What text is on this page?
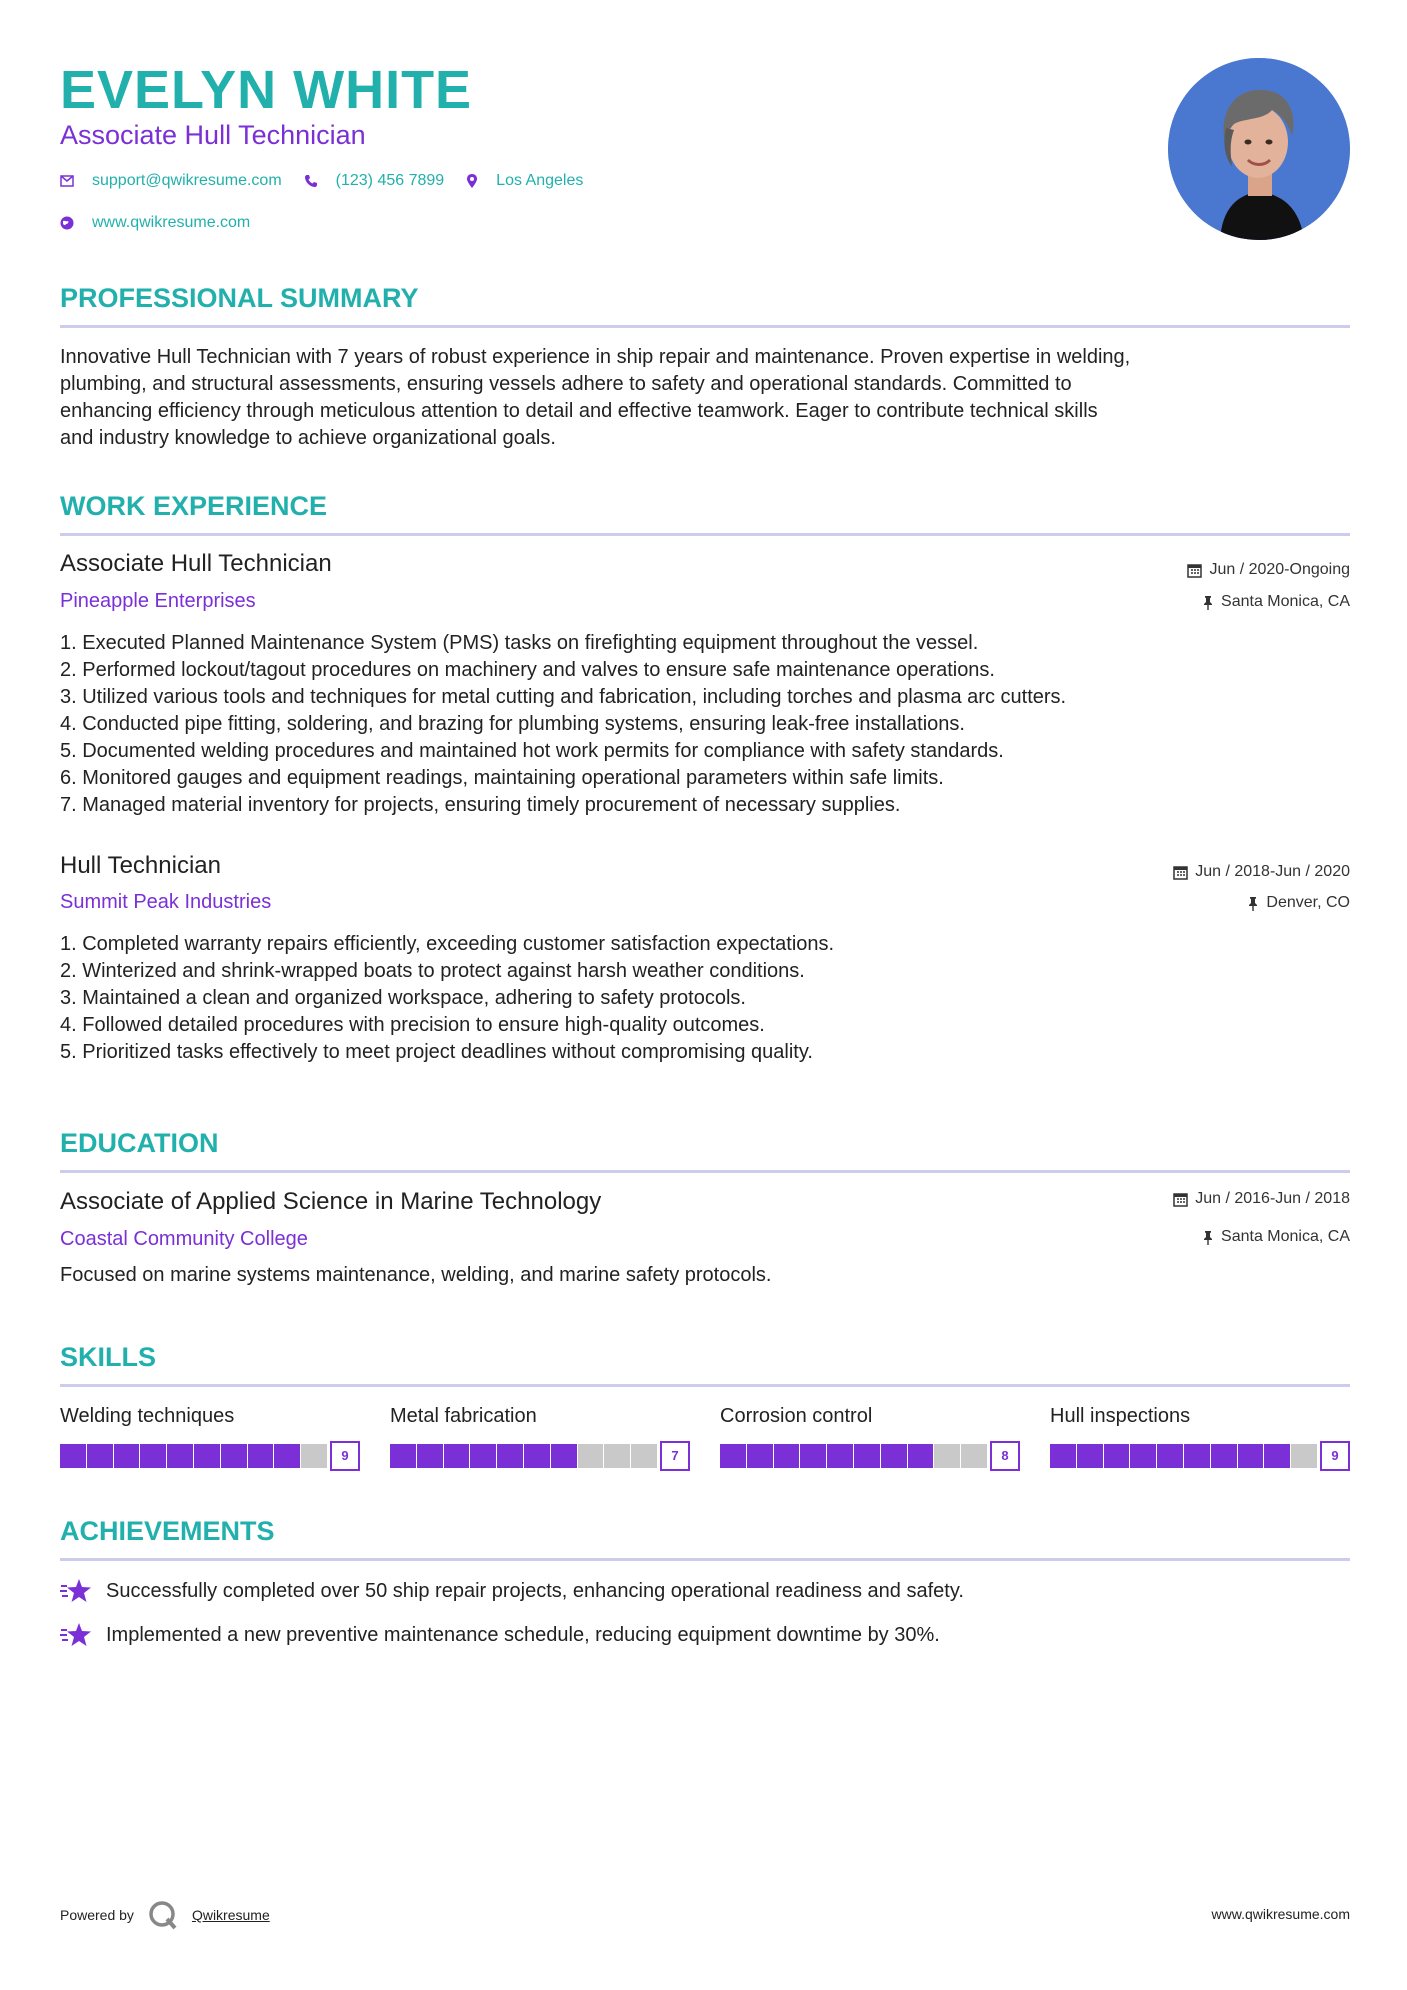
EVELYN WHITE
Associate Hull Technician
support@qwikresume.com	(123) 456 7899	Los Angeles
www.qwikresume.com
PROFESSIONAL SUMMARY
Innovative Hull Technician with 7 years of robust experience in ship repair and maintenance. Proven expertise in welding,
plumbing, and structural assessments, ensuring vessels adhere to safety and operational standards. Committed to
enhancing efficiency through meticulous attention to detail and effective teamwork. Eager to contribute technical skills
and industry knowledge to achieve organizational goals.
WORK EXPERIENCE
Associate Hull Technician	Jun / 2020-Ongoing
Pineapple Enterprises	Santa Monica, CA
1. Executed Planned Maintenance System (PMS) tasks on firefighting equipment throughout the vessel.
2. Performed lockout/tagout procedures on machinery and valves to ensure safe maintenance operations.
3. Utilized various tools and techniques for metal cutting and fabrication, including torches and plasma arc cutters.
4. Conducted pipe fitting, soldering, and brazing for plumbing systems, ensuring leak-free installations.
5. Documented welding procedures and maintained hot work permits for compliance with safety standards.
6. Monitored gauges and equipment readings, maintaining operational parameters within safe limits.
7. Managed material inventory for projects, ensuring timely procurement of necessary supplies.
Hull Technician	Jun / 2018-Jun / 2020
Summit Peak Industries	Denver, CO
1. Completed warranty repairs efficiently, exceeding customer satisfaction expectations.
2. Winterized and shrink-wrapped boats to protect against harsh weather conditions.
3. Maintained a clean and organized workspace, adhering to safety protocols.
4. Followed detailed procedures with precision to ensure high-quality outcomes.
5. Prioritized tasks effectively to meet project deadlines without compromising quality.
EDUCATION
Associate of Applied Science in Marine Technology	Jun / 2016-Jun / 2018
Coastal Community College	Santa Monica, CA
Focused on marine systems maintenance, welding, and marine safety protocols.
SKILLS
Welding techniques
9
Metal fabrication
7
Corrosion control
8
Hull inspections
9
ACHIEVEMENTS
Successfully completed over 50 ship repair projects, enhancing operational readiness and safety.
Implemented a new preventive maintenance schedule, reducing equipment downtime by 30%.
Powered by	Qwikresume	www.qwikresume.com
